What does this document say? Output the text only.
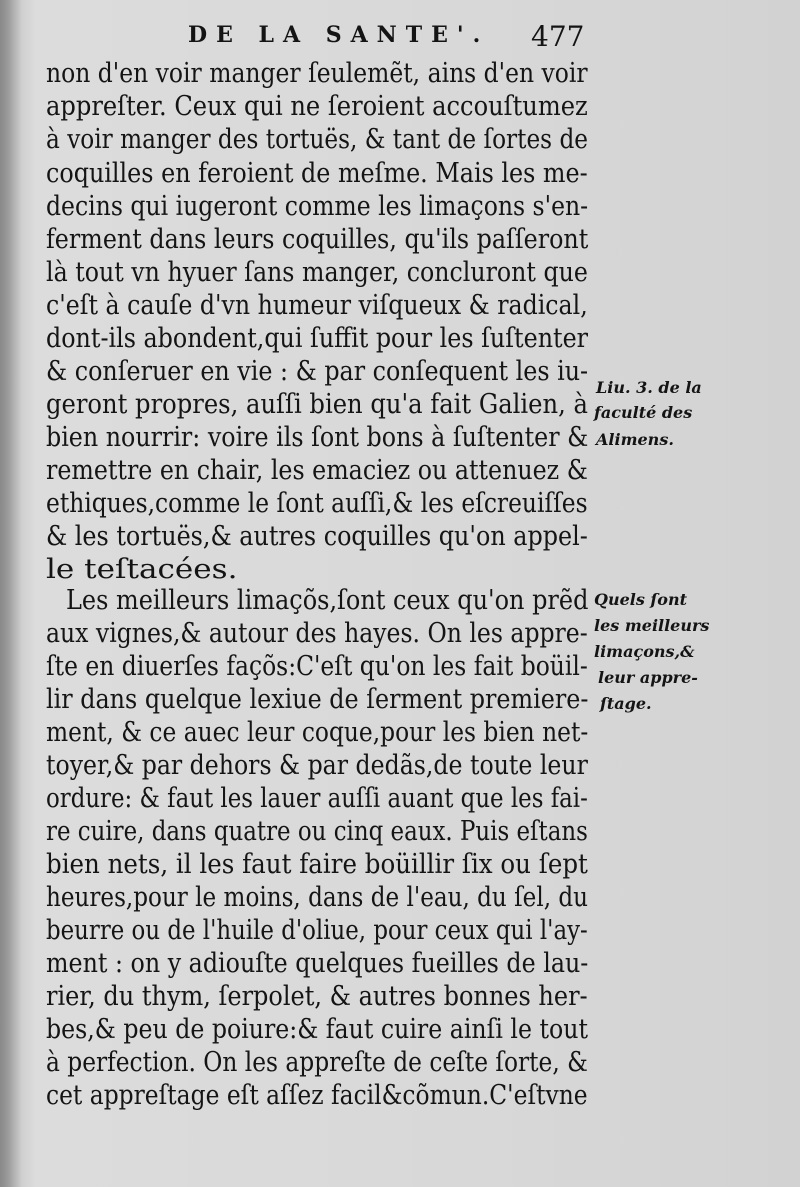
DE LA SANTE'. 477
non d'en voir manger ſeulemẽt, ains d'en voir
appreſter. Ceux qui ne ſeroient accouſtumez
à voir manger des tortuës, & tant de ſortes de
coquilles en feroient de meſme. Mais les me-
decins qui iugeront comme les limaçons s'en-
ferment dans leurs coquilles, qu'ils paſſeront
là tout vn hyuer ſans manger, concluront que
c'eſt à cauſe d'vn humeur viſqueux & radical,
dont-ils abondent,qui ſuffit pour les ſuſtenter
& conſeruer en vie : & par conſequent les iu-
geront propres, auſſi bien qu'a fait Galien, à
bien nourrir: voire ils ſont bons à ſuſtenter &
remettre en chair, les emaciez ou attenuez &
ethiques,comme le ſont auſſi,& les eſcreuiſſes
& les tortuës,& autres coquilles qu'on appel-
le teſtacées.
Les meilleurs limaçõs,ſont ceux qu'on prẽd
aux vignes,& autour des hayes. On les appre-
ſte en diuerſes façõs:C'eſt qu'on les fait boüil-
lir dans quelque lexiue de ſerment premiere-
ment, & ce auec leur coque,pour les bien net-
toyer,& par dehors & par dedãs,de toute leur
ordure: & faut les lauer auſſi auant que les fai-
re cuire, dans quatre ou cinq eaux. Puis eſtans
bien nets, il les faut faire boüillir ſix ou ſept
heures,pour le moins, dans de l'eau, du ſel, du
beurre ou de l'huile d'oliue, pour ceux qui l'ay-
ment : on y adiouſte quelques fueilles de lau-
rier, du thym, ſerpolet, & autres bonnes her-
bes,& peu de poiure:& faut cuire ainſi le tout
à perfection. On les appreſte de ceſte ſorte, &
cet appreſtage eſt aſſez facil&cõmun.C'eſtvne
Liu. 3. de la
faculté des
Alimens.
Quels ſont
les meilleurs
limaçons,&
leur appre-
ſtage.
